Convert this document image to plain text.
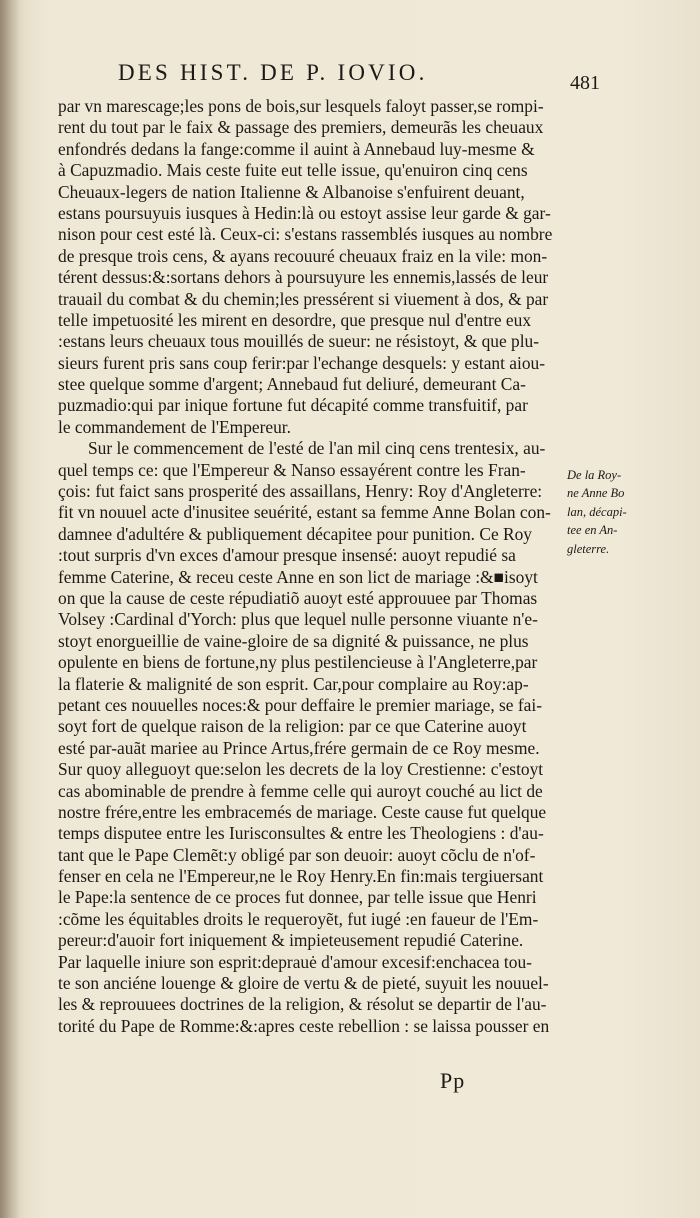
DES HIST. DE P. IOVIO.	481
par vn marescage;les pons de bois,sur lesquels faloyt passer,se rompi-
rent du tout par le faix & passage des premiers, demeurãs les cheuaux
enfondrés dedans la fange:comme il auint à Annebaud luy-mesme &
à Capuzmadio. Mais ceste fuite eut telle issue, qu'enuiron cinq cens
Cheuaux-legers de nation Italienne & Albanoise s'enfuirent deuant,
estans poursuyuis iusques à Hedin:là ou estoyt assise leur garde & gar-
nison pour cest esté là. Ceux-ci: s'estans rassemblés iusques au nombre
de presque trois cens, & ayans recouuré cheuaux fraiz en la vile: mon-
térent dessus:&:sortans dehors à poursuyure les ennemis,lassés de leur
trauail du combat & du chemin;les pressérent si viuement à dos, & par
telle impetuosité les mirent en desordre, que presque nul d'entre eux
:estans leurs cheuaux tous mouillés de sueur: ne résistoyt, & que plu-
sieurs furent pris sans coup ferir:par l'echange desquels: y estant aiou-
stee quelque somme d'argent; Annebaud fut deliuré, demeurant Ca-
puzmadio:qui par inique fortune fut décapité comme transfuitif, par
le commandement de l'Empereur.
Sur le commencement de l'esté de l'an mil cinq cens trentesix, au-
quel temps ce: que l'Empereur & Nanso essayérent contre les Fran-
çois: fut faict sans prosperité des assaillans, Henry: Roy d'Angleterre:
fit vn nouuel acte d'inusitee seuérité, estant sa femme Anne Bolan con-
damnee d'adultére & publiquement décapitee pour punition. Ce Roy
:tout surpris d'vn exces d'amour presque insensé: auoyt repudié sa
femme Caterine, & receu ceste Anne en son lict de mariage :&■isoyt
on que la cause de ceste répudiatiõ auoyt esté approuuee par Thomas
Volsey :Cardinal d'Yorch: plus que lequel nulle personne viuante n'e-
stoyt enorgueillie de vaine-gloire de sa dignité & puissance, ne plus
opulente en biens de fortune,ny plus pestilencieuse à l'Angleterre,par
la flaterie & malignité de son esprit. Car,pour complaire au Roy:ap-
petant ces nouuelles noces:& pour deffaire le premier mariage, se fai-
soyt fort de quelque raison de la religion: par ce que Caterine auoyt
esté par-auãt mariee au Prince Artus,frére germain de ce Roy mesme.
Sur quoy alleguoyt que:selon les decrets de la loy Crestienne: c'estoyt
cas abominable de prendre à femme celle qui auroyt couché au lict de
nostre frére,entre les embracemés de mariage. Ceste cause fut quelque
temps disputee entre les Iurisconsultes & entre les Theologiens : d'au-
tant que le Pape Clemẽt:y obligé par son deuoir: auoyt cõclu de n'of-
fenser en cela ne l'Empereur,ne le Roy Henry.En fin:mais tergiuersant
le Pape:la sentence de ce proces fut donnee, par telle issue que Henri
:cõme les équitables droits le requeroyẽt, fut iugé :en faueur de l'Em-
pereur:d'auoir fort iniquement & impieteusement repudié Caterine.
Par laquelle iniure son esprit:deprauė d'amour excesif:enchacea tou-
te son anciéne louenge & gloire de vertu & de pieté, suyuit les nouuel-
les & reprouuees doctrines de la religion, & résolut se departir de l'au-
torité du Pape de Romme:&:apres ceste rebellion : se laissa pousser en
De la Roy-
ne Anne Bo
lan, décapi-
tee en An-
gleterre.
Pp
